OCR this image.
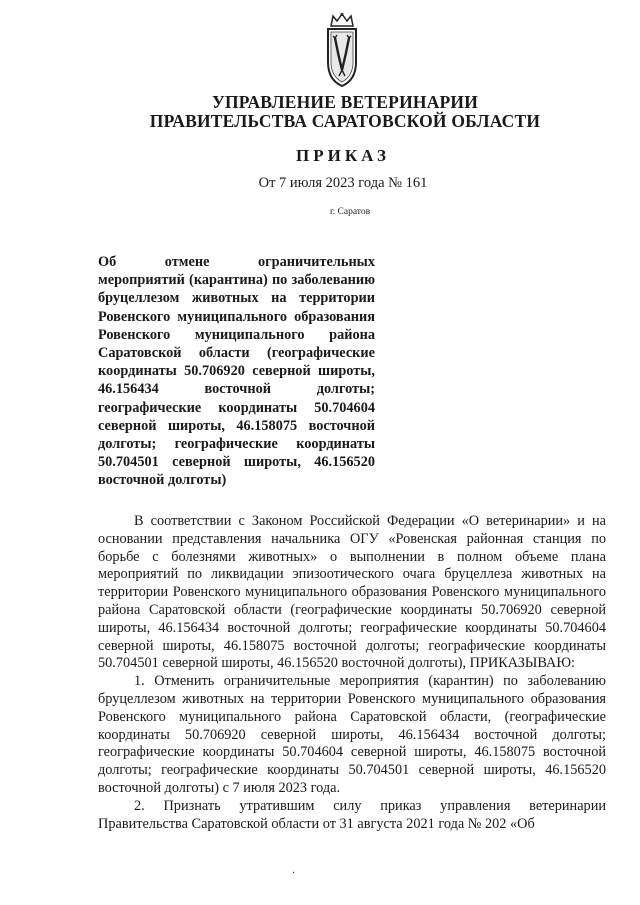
УПРАВЛЕНИЕ ВЕТЕРИНАРИИ

ПРАВИТЕЛЬСТВА САРАТОВСКОЙ ОБЛАСТИ

ПРИКАЗ

От 7 июля 2023 года № 161

г. Саратов

Об отмене ограничительных мероприятий (карантина) по заболеванию бруцеллезом животных на территории Ровенского муниципального образования Ровенского муниципального района Саратовской области (географические координаты 50.706920 северной широты, 46.156434 восточной долготы; географические координаты 50.704604 северной широты, 46.158075 восточной долготы; географические координаты 50.704501 северной широты, 46.156520 восточной долготы)

В соответствии с Законом Российской Федерации «О ветеринарии» и на основании представления начальника ОГУ «Ровенская районная станция по борьбе с болезнями животных» о выполнении в полном объеме плана мероприятий по ликвидации эпизоотического очага бруцеллеза животных на территории Ровенского муниципального образования Ровенского муниципального района Саратовской области (географические координаты 50.706920 северной широты, 46.156434 восточной долготы; географические координаты 50.704604 северной широты, 46.158075 восточной долготы; географические координаты 50.704501 северной широты, 46.156520 восточной долготы), ПРИКАЗЫВАЮ:

1. Отменить ограничительные мероприятия (карантин) по заболеванию бруцеллезом животных на территории Ровенского муниципального образования Ровенского муниципального района Саратовской области, (географические координаты 50.706920 северной широты, 46.156434 восточной долготы; географические координаты 50.704604 северной широты, 46.158075 восточной долготы; географические координаты 50.704501 северной широты, 46.156520 восточной долготы) с 7 июля 2023 года.

2. Признать утратившим силу приказ управления ветеринарии Правительства Саратовской области от 31 августа 2021 года № 202 «Об

·
